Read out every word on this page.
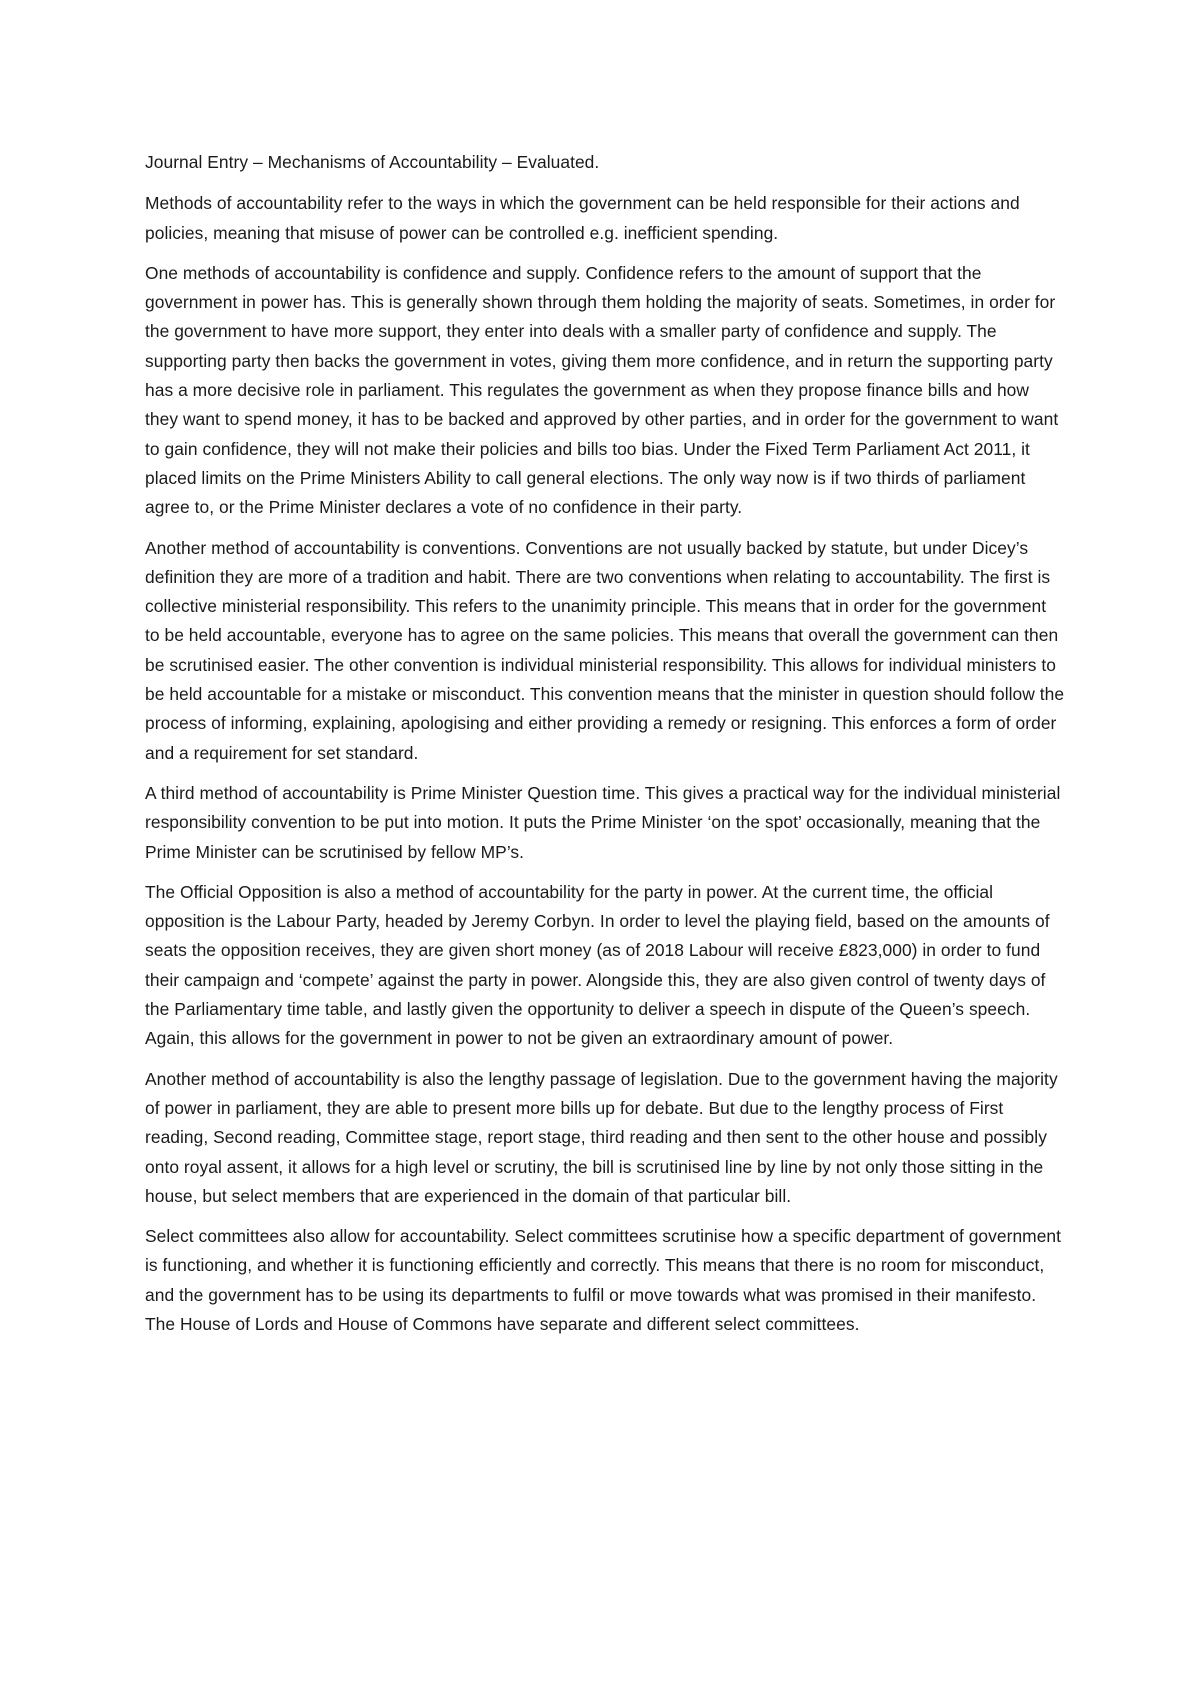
Journal Entry – Mechanisms of Accountability – Evaluated.

Methods of accountability refer to the ways in which the government can be held responsible for their actions and policies, meaning that misuse of power can be controlled e.g. inefficient spending.

One methods of accountability is confidence and supply. Confidence refers to the amount of support that the government in power has. This is generally shown through them holding the majority of seats. Sometimes, in order for the government to have more support, they enter into deals with a smaller party of confidence and supply. The supporting party then backs the government in votes, giving them more confidence, and in return the supporting party has a more decisive role in parliament. This regulates the government as when they propose finance bills and how they want to spend money, it has to be backed and approved by other parties, and in order for the government to want to gain confidence, they will not make their policies and bills too bias. Under the Fixed Term Parliament Act 2011, it placed limits on the Prime Ministers Ability to call general elections. The only way now is if two thirds of parliament agree to, or the Prime Minister declares a vote of no confidence in their party.

Another method of accountability is conventions. Conventions are not usually backed by statute, but under Dicey’s definition they are more of a tradition and habit. There are two conventions when relating to accountability. The first is collective ministerial responsibility. This refers to the unanimity principle. This means that in order for the government to be held accountable, everyone has to agree on the same policies. This means that overall the government can then be scrutinised easier. The other convention is individual ministerial responsibility. This allows for individual ministers to be held accountable for a mistake or misconduct. This convention means that the minister in question should follow the process of informing, explaining, apologising and either providing a remedy or resigning. This enforces a form of order and a requirement for set standard.

A third method of accountability is Prime Minister Question time. This gives a practical way for the individual ministerial responsibility convention to be put into motion. It puts the Prime Minister ‘on the spot’ occasionally, meaning that the Prime Minister can be scrutinised by fellow MP’s.

The Official Opposition is also a method of accountability for the party in power. At the current time, the official opposition is the Labour Party, headed by Jeremy Corbyn. In order to level the playing field, based on the amounts of seats the opposition receives, they are given short money (as of 2018 Labour will receive £823,000) in order to fund their campaign and ‘compete’ against the party in power. Alongside this, they are also given control of twenty days of the Parliamentary time table, and lastly given the opportunity to deliver a speech in dispute of the Queen’s speech. Again, this allows for the government in power to not be given an extraordinary amount of power.

Another method of accountability is also the lengthy passage of legislation. Due to the government having the majority of power in parliament, they are able to present more bills up for debate. But due to the lengthy process of First reading, Second reading, Committee stage, report stage, third reading and then sent to the other house and possibly onto royal assent, it allows for a high level or scrutiny, the bill is scrutinised line by line by not only those sitting in the house, but select members that are experienced in the domain of that particular bill.

Select committees also allow for accountability. Select committees scrutinise how a specific department of government is functioning, and whether it is functioning efficiently and correctly. This means that there is no room for misconduct, and the government has to be using its departments to fulfil or move towards what was promised in their manifesto. The House of Lords and House of Commons have separate and different select committees.
